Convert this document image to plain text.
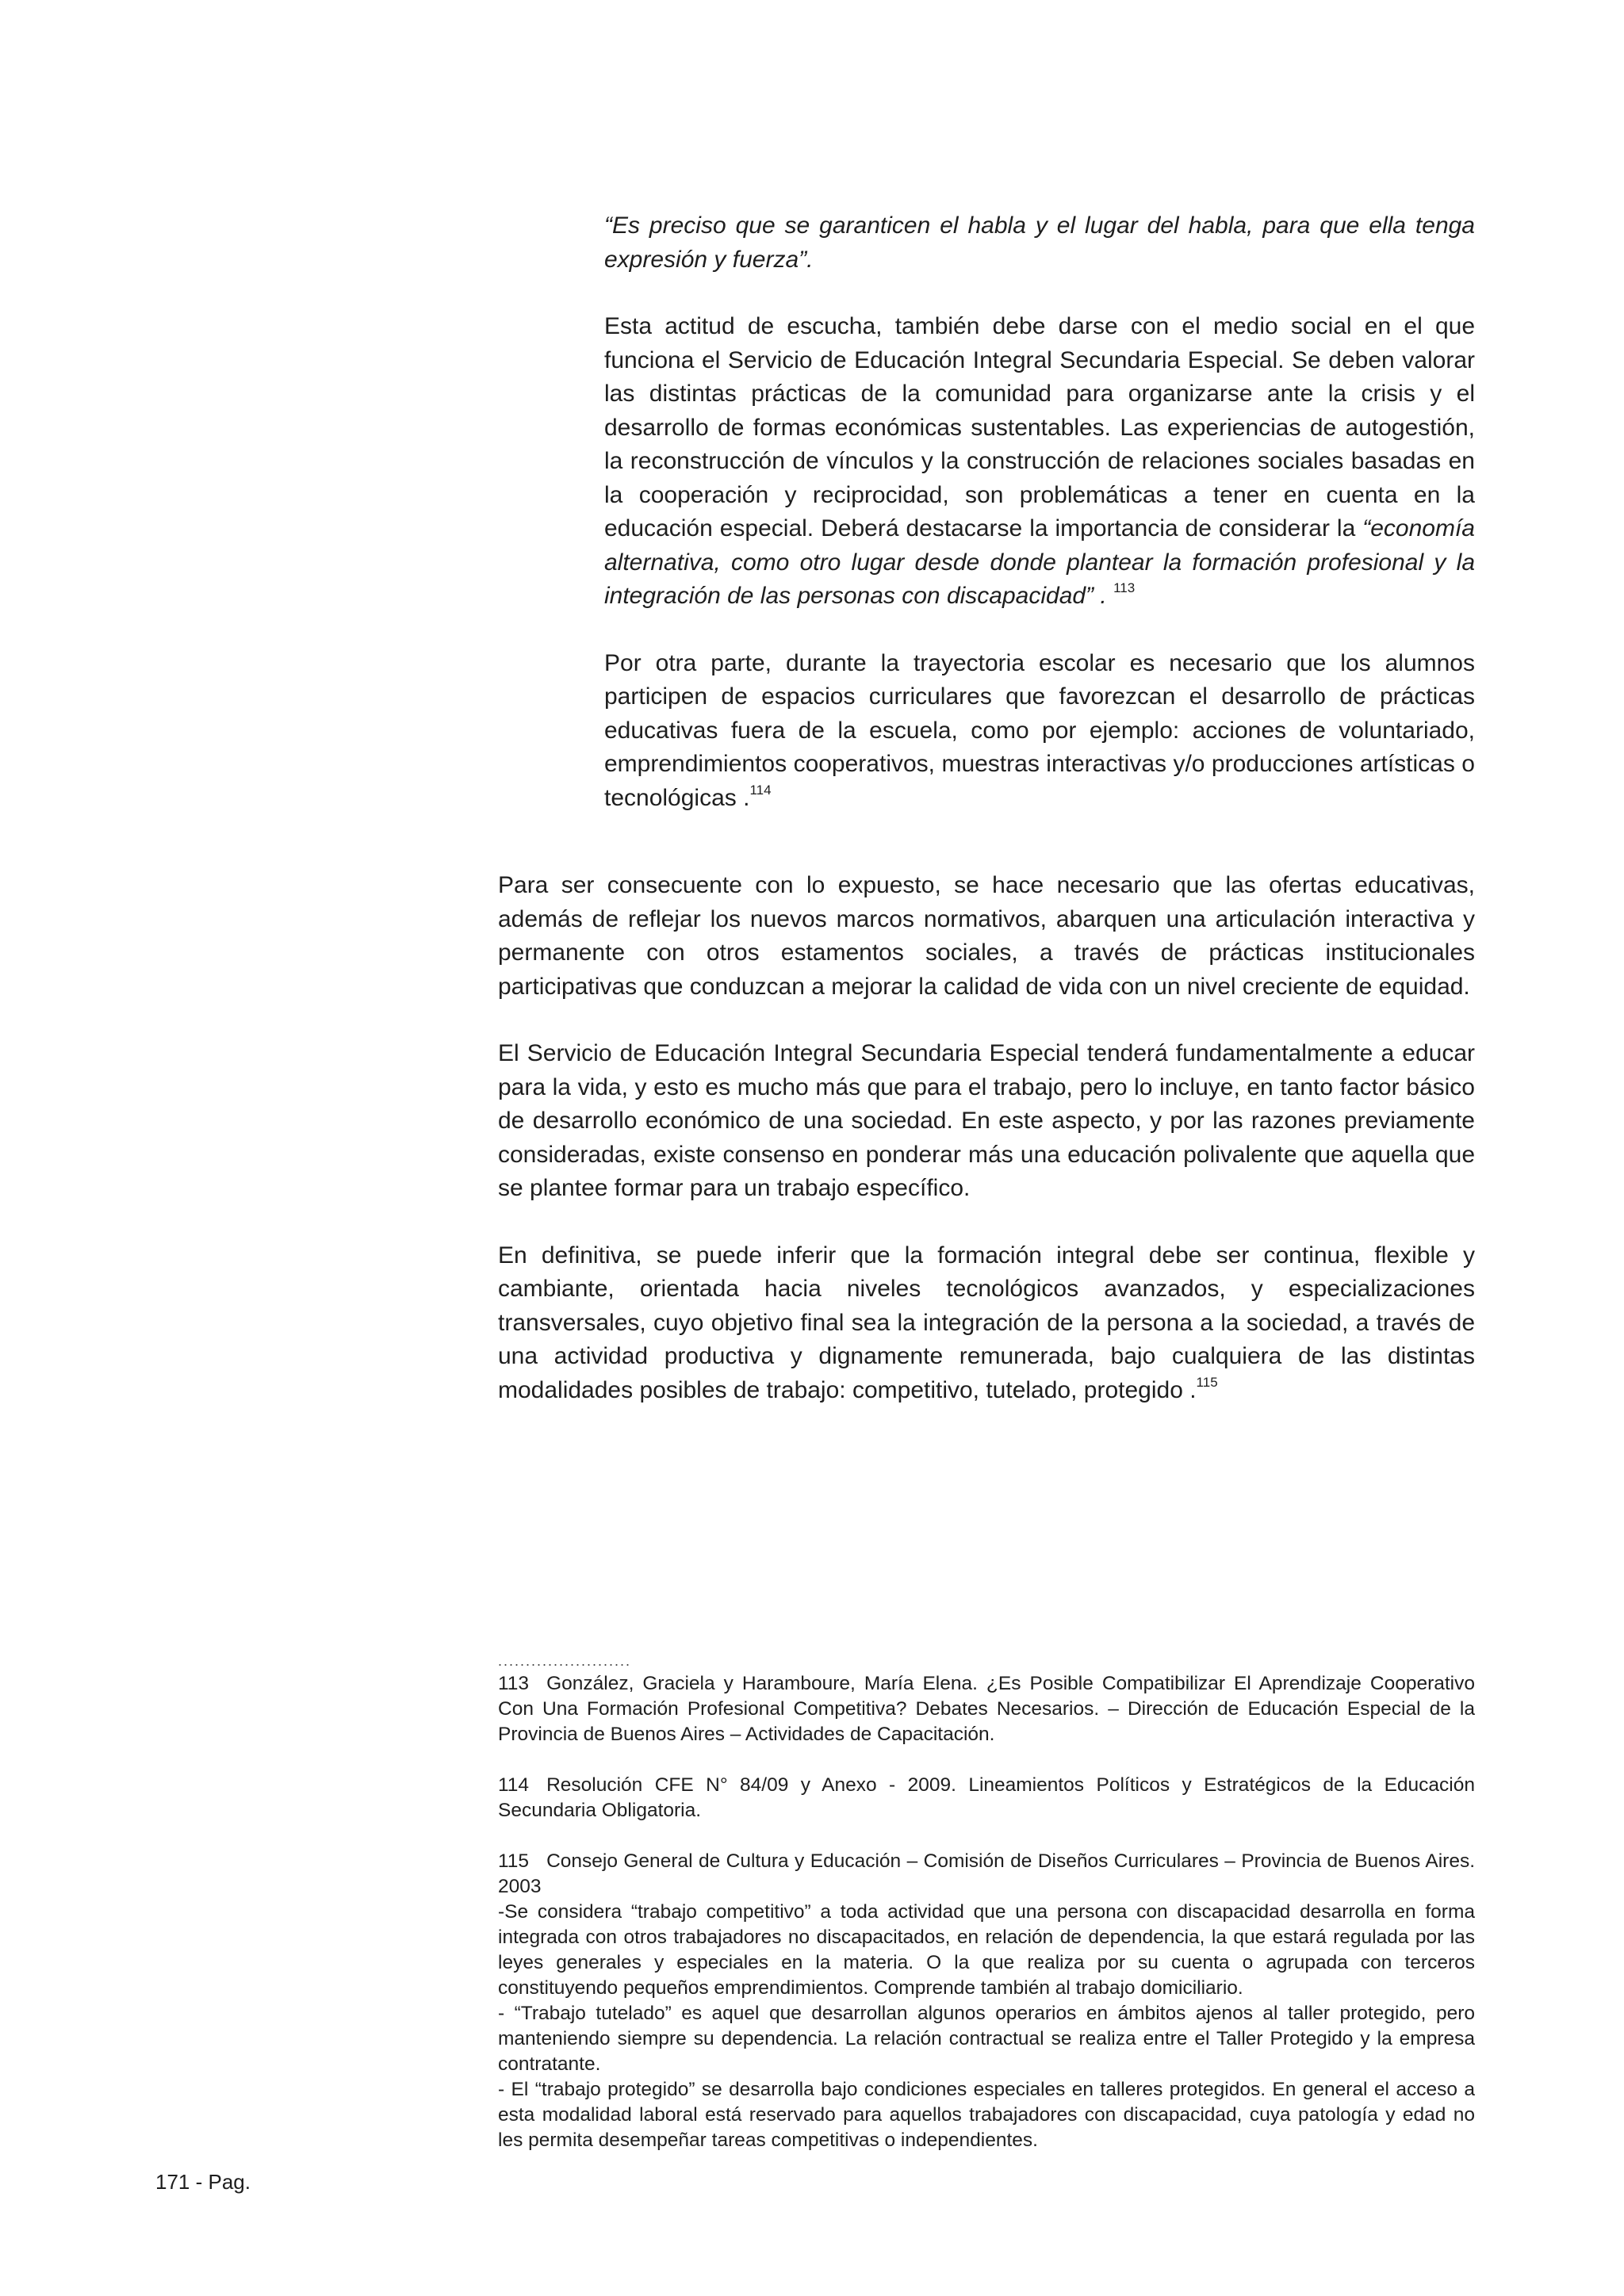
“Es preciso que se garanticen el habla y el lugar del habla, para que ella tenga expresión y fuerza”.

Esta actitud de escucha, también debe darse con el medio social en el que funciona el Servicio de Educación Integral Secundaria Especial. Se deben valorar las distintas prácticas de la comunidad para organizarse ante la crisis y el desarrollo de formas económicas sustentables. Las experiencias de autogestión, la reconstrucción de vínculos y la construcción de relaciones sociales basadas en la cooperación y reciprocidad, son problemáticas a tener en cuenta en la educación especial. Deberá destacarse la importancia de considerar la “economía alternativa, como otro lugar desde donde plantear la formación profesional y la integración de las personas con discapacidad” . $^{113}$

Por otra parte, durante la trayectoria escolar es necesario que los alumnos participen de espacios curriculares que favorezcan el desarrollo de prácticas educativas fuera de la escuela, como por ejemplo: acciones de voluntariado, emprendimientos cooperativos, muestras interactivas y/o producciones artísticas o tecnológicas .$^{114}$

Para ser consecuente con lo expuesto, se hace necesario que las ofertas educativas, además de reflejar los nuevos marcos normativos, abarquen una articulación interactiva y permanente con otros estamentos sociales, a través de prácticas institucionales participativas que conduzcan a mejorar la calidad de vida con un nivel creciente de equidad.

El Servicio de Educación Integral Secundaria Especial tenderá fundamentalmente a educar para la vida, y esto es mucho más que para el trabajo, pero lo incluye, en tanto factor básico de desarrollo económico de una sociedad. En este aspecto, y por las razones previamente consideradas, existe consenso en ponderar más una educación polivalente que aquella que se plantee formar para un trabajo específico.

En definitiva, se puede inferir que la formación integral debe ser continua, flexible y cambiante, orientada hacia niveles tecnológicos avanzados, y especializaciones transversales, cuyo objetivo final sea la integración de la persona a la sociedad, a través de una actividad productiva y dignamente remunerada, bajo cualquiera de las distintas modalidades posibles de trabajo: competitivo, tutelado, protegido .$^{115}$

........................
113 González, Graciela y Haramboure, María Elena. ¿Es Posible Compatibilizar El Aprendizaje Cooperativo Con Una Formación Profesional Competitiva? Debates Necesarios. – Dirección de Educación Especial de la Provincia de Buenos Aires – Actividades de Capacitación.
114 Resolución CFE N° 84/09 y Anexo - 2009. Lineamientos Políticos y Estratégicos de la Educación Secundaria Obligatoria.
115 Consejo General de Cultura y Educación – Comisión de Diseños Curriculares – Provincia de Buenos Aires. 2003
-Se considera “trabajo competitivo” a toda actividad que una persona con discapacidad desarrolla en forma integrada con otros trabajadores no discapacitados, en relación de dependencia, la que estará regulada por las leyes generales y especiales en la materia. O la que realiza por su cuenta o agrupada con terceros constituyendo pequeños emprendimientos. Comprende también al trabajo domiciliario.
- “Trabajo tutelado” es aquel que desarrollan algunos operarios en ámbitos ajenos al taller protegido, pero manteniendo siempre su dependencia. La relación contractual se realiza entre el Taller Protegido y la empresa contratante.
- El “trabajo protegido” se desarrolla bajo condiciones especiales en talleres protegidos. En general el acceso a esta modalidad laboral está reservado para aquellos trabajadores con discapacidad, cuya patología y edad no les permita desempeñar tareas competitivas o independientes.
171 - Pag.
